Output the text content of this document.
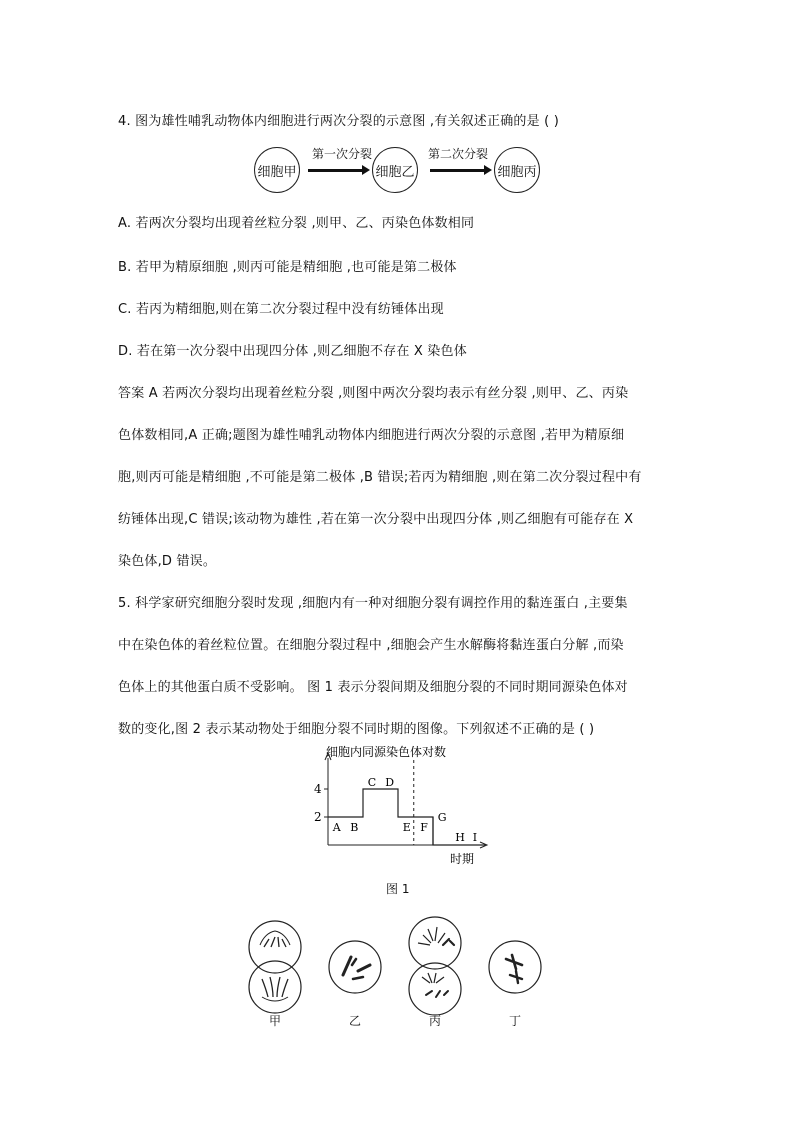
4. 图为雄性哺乳动物体内细胞进行两次分裂的示意图 ,有关叙述正确的是 ( )
细胞甲
第一次分裂
细胞乙
第二次分裂
细胞丙
A. 若两次分裂均出现着丝粒分裂 ,则甲、乙、丙染色体数相同
B. 若甲为精原细胞 ,则丙可能是精细胞 ,也可能是第二极体
C. 若丙为精细胞,则在第二次分裂过程中没有纺锤体出现
D. 若在第一次分裂中出现四分体 ,则乙细胞不存在 X 染色体
答案 A 若两次分裂均出现着丝粒分裂 ,则图中两次分裂均表示有丝分裂 ,则甲、乙、丙染
色体数相同,A 正确;题图为雄性哺乳动物体内细胞进行两次分裂的示意图 ,若甲为精原细
胞,则丙可能是精细胞 ,不可能是第二极体 ,B 错误;若丙为精细胞 ,则在第二次分裂过程中有
纺锤体出现,C 错误;该动物为雄性 ,若在第一次分裂中出现四分体 ,则乙细胞有可能存在 X
染色体,D 错误。
5. 科学家研究细胞分裂时发现 ,细胞内有一种对细胞分裂有调控作用的黏连蛋白 ,主要集
中在染色体的着丝粒位置。在细胞分裂过程中 ,细胞会产生水解酶将黏连蛋白分解 ,而染
色体上的其他蛋白质不受影响。 图 1 表示分裂间期及细胞分裂的不同时期同源染色体对
数的变化,图 2 表示某动物处于细胞分裂不同时期的图像。下列叙述不正确的是 ( )
细胞内同源染色体对数
时期
2
4
A B
C D
E F
G
H I
图 1
甲	乙	丙	丁
